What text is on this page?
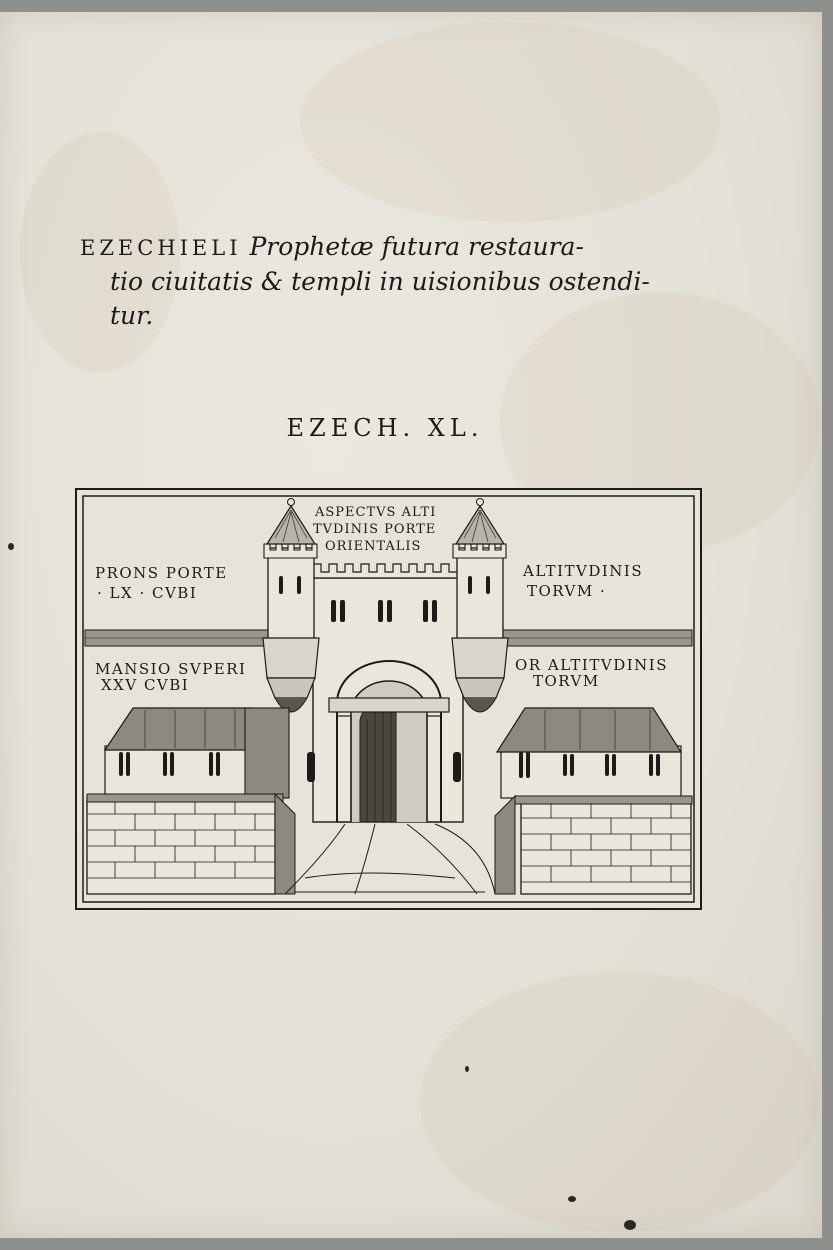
EZECHIELI Prophetæ futura restaura-
tio ciuitatis & templi in uisionibus ostendi-
tur.
EZECH. XL.
ASPECTVS ALTI
TVDINIS PORTE
ORIENTALIS
PRONS PORTE
· LX · CVBI
ALTITVDINIS
TORVM ·
MANSIO SVPERI
XXV CVBI
OR ALTITVDINIS
TORVM
